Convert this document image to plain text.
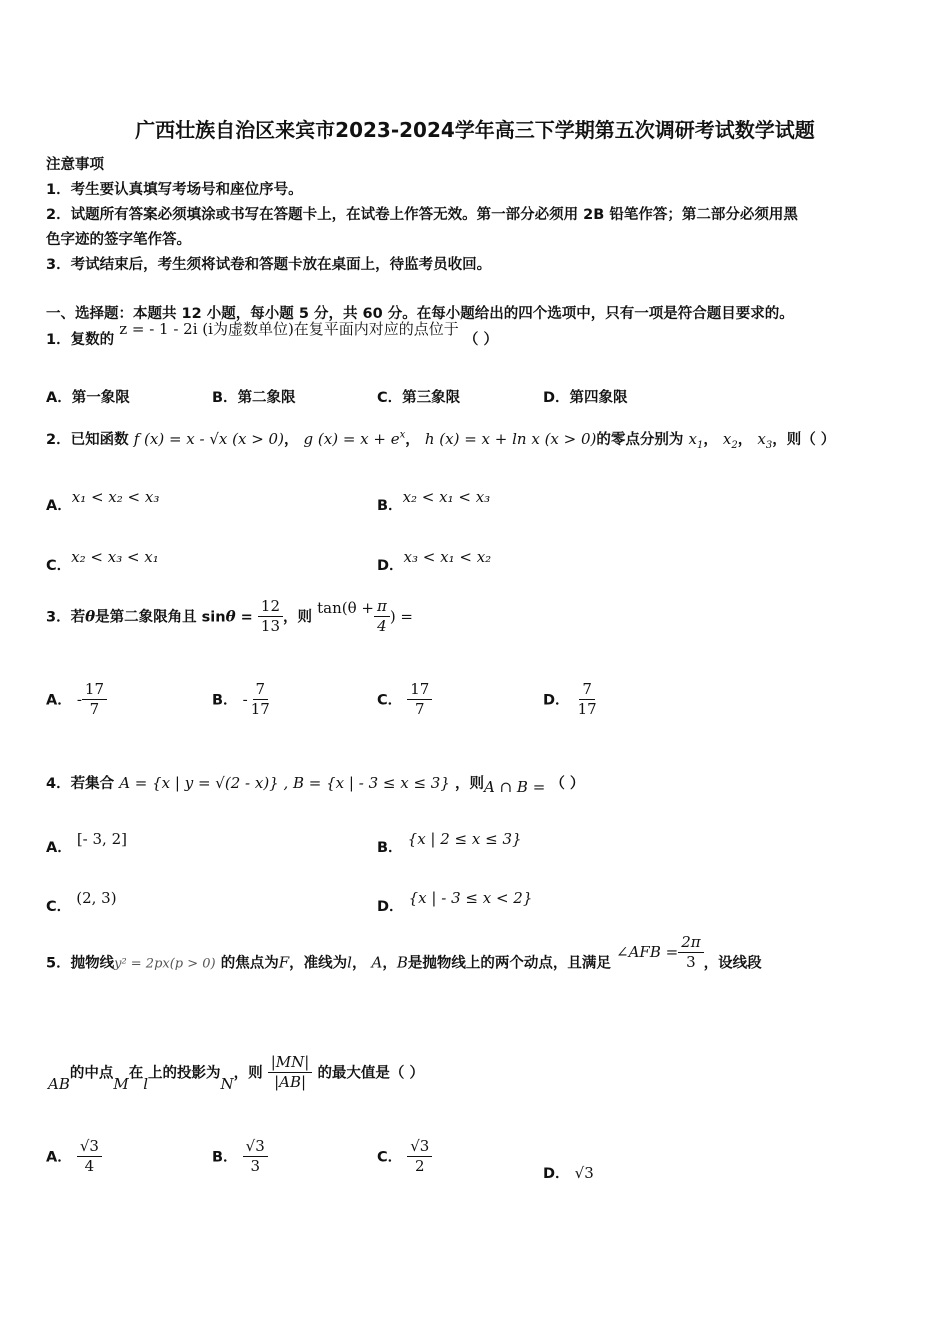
广西壮族自治区来宾市2023-2024学年高三下学期第五次调研考试数学试题
注意事项
1．考生要认真填写考场号和座位序号。
2．试题所有答案必须填涂或书写在答题卡上，在试卷上作答无效。第一部分必须用 2B 铅笔作答；第二部分必须用黑
色字迹的签字笔作答。
3．考试结束后，考生须将试卷和答题卡放在桌面上，待监考员收回。
一、选择题：本题共 12 小题，每小题 5 分，共 60 分。在每小题给出的四个选项中，只有一项是符合题目要求的。
1．复数的 z = - 1 - 2i (i为虚数单位)在复平面内对应的点位于 （ ）
A．第一象限	B．第二象限	C．第三象限	D．第四象限
2．已知函数 f (x) = x - √x (x > 0)， g $(x) = x + e^x$， h (x) = x + ln x (x > 0)的零点分别为 $x_1$， $x_2$， $x_3$，则（ ）
A．x₁ < x₂ < x₃	B．x₂ < x₁ < x₃
C．x₂ < x₃ < x₁	D．x₃ < x₁ < x₂
3．若θ是第二象限角且 $\sin\theta = \frac{12}{13}$ ，则 $\tan(\theta + \frac{\pi}{4}$ ) =
A． - $\frac{17}{7}$	B． - $\frac{7}{17}$	C． $\frac{17}{7}$	D． $\frac{7}{17}$
4．若集合 A = {x | y = √(2 - x)} , B = {x | - 3 ≤ x ≤ 3} ，则A ∩ B = （ ）
A． [- 3, 2]	B． {x | 2 ≤ x ≤ 3}
C． (2, 3)	D． {x | - 3 ≤ x < 2}
5．抛物线y² = 2px(p > 0) 的焦点为F，准线为l， A，B是抛物线上的两个动点，且满足 ∠AFB = $\frac{2\pi}{3}$ ，设线段
AB的中点M在l上的投影为N，则 $\frac{|MN|}{|AB|}$ 的最大值是（ ）
A． $\frac{√3}{4}$	B． $\frac{√3}{3}$	C． $\frac{√3}{2}$	D． √3
